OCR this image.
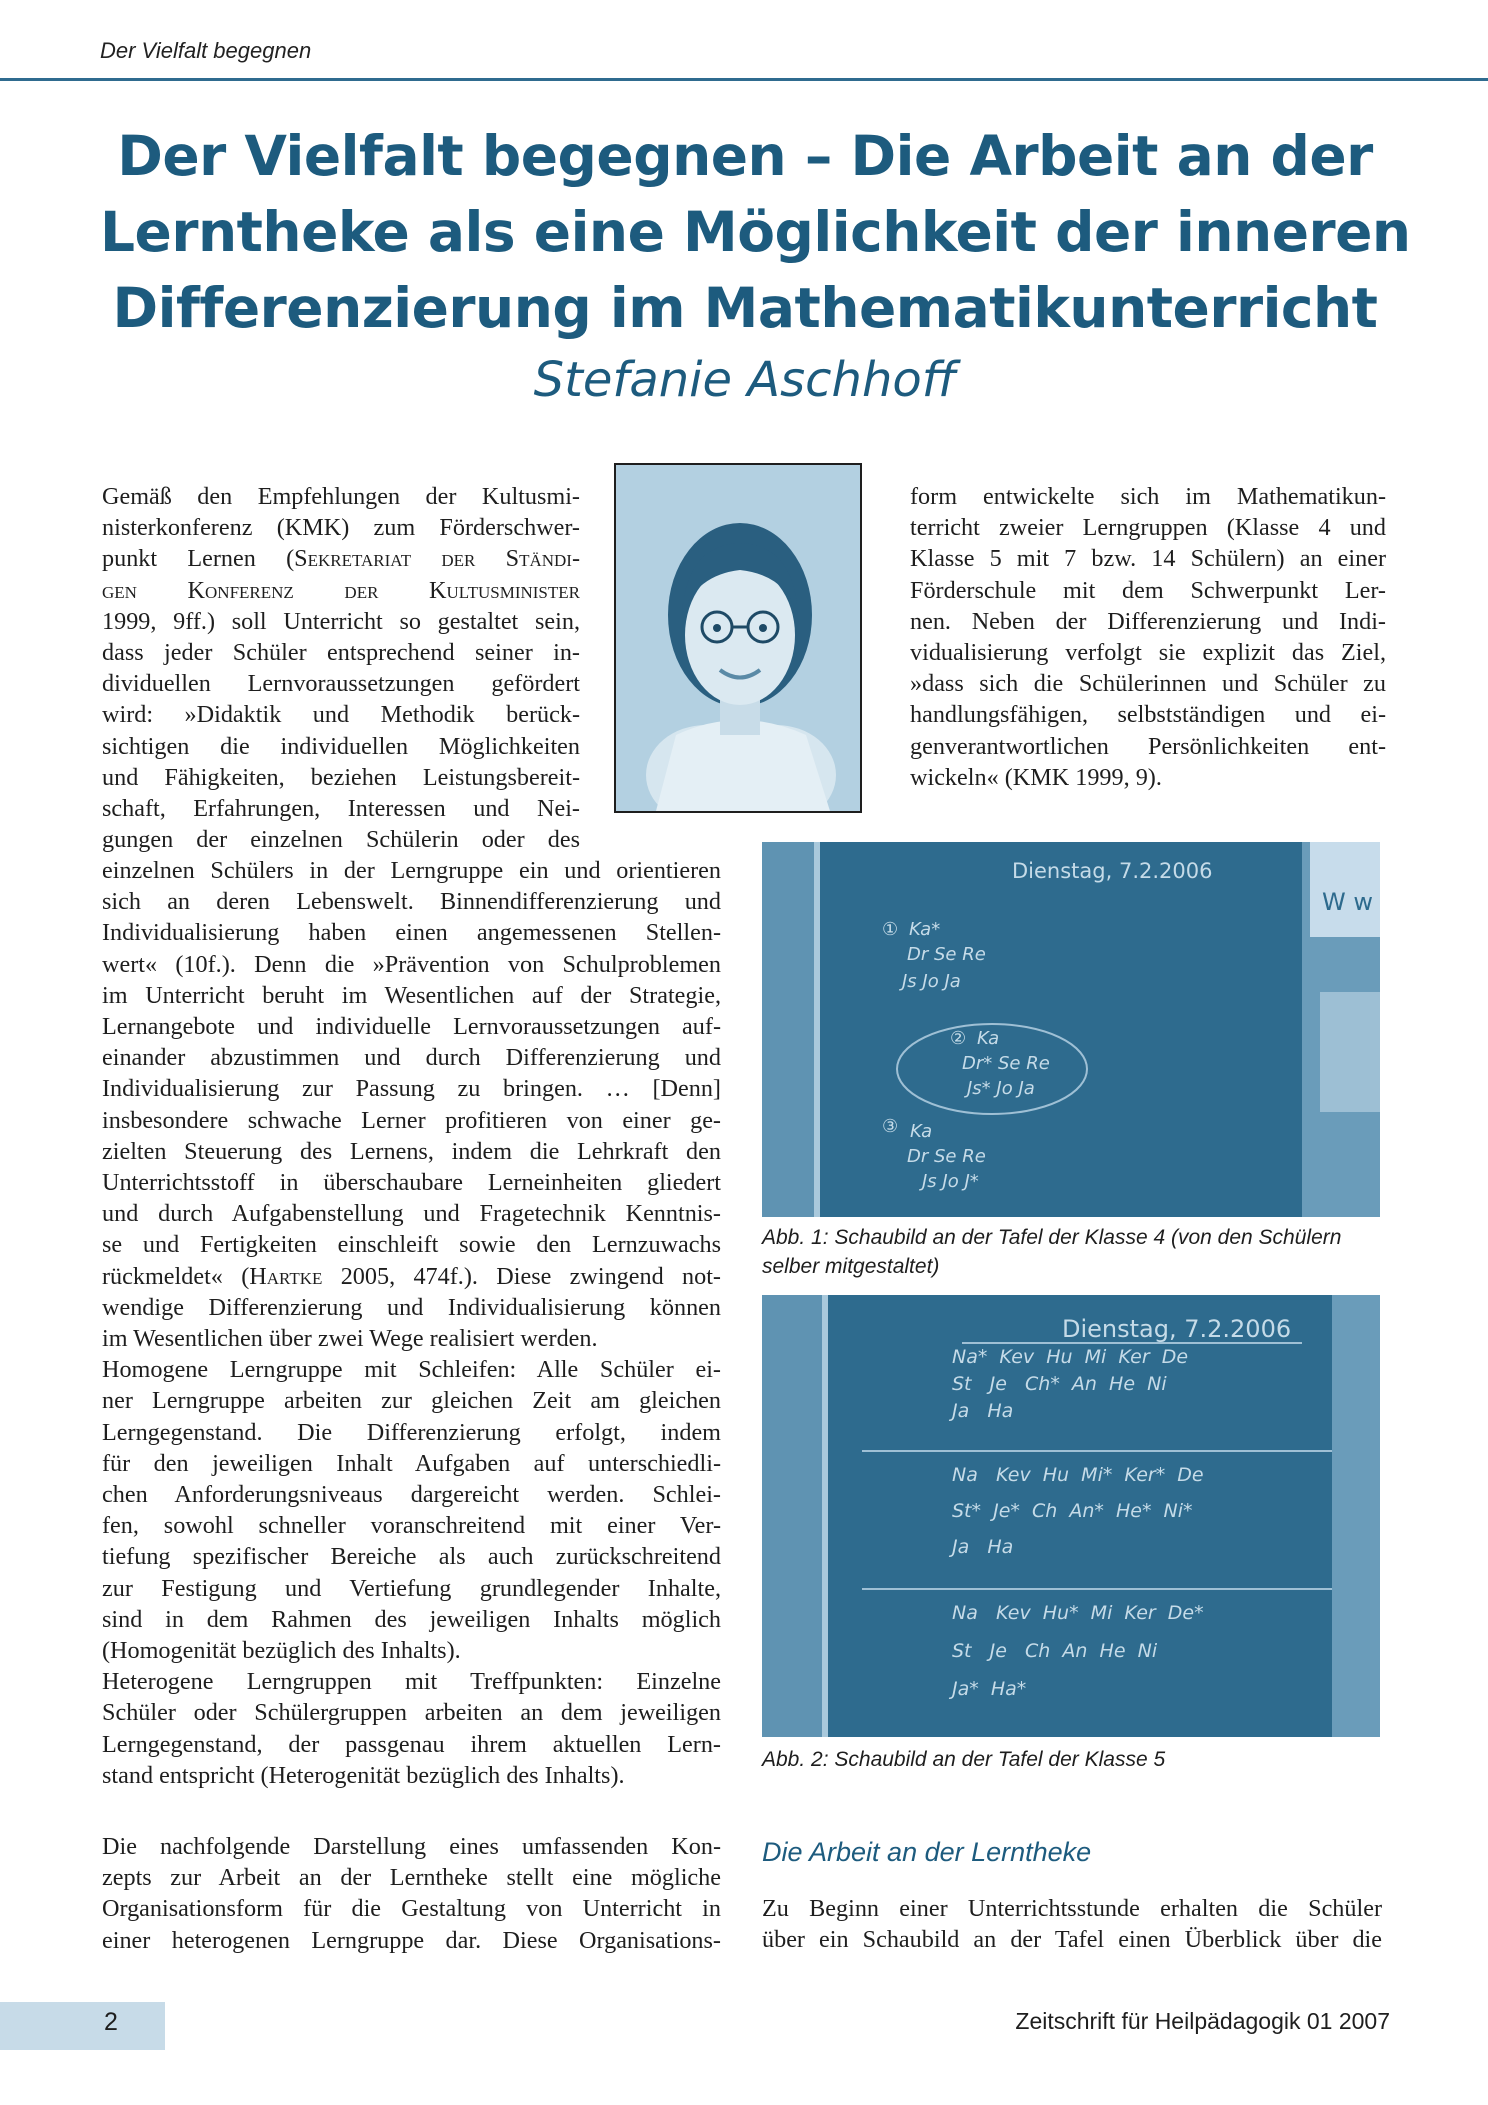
Der Vielfalt begegnen
Der Vielfalt begegnen – Die Arbeit an der
Lerntheke als eine Möglichkeit der inneren
Differenzierung im Mathematikunterricht
Stefanie Aschhoff
Gemäß den Empfehlungen der Kultusmi-
nisterkonferenz (KMK) zum Förderschwer-
punkt Lernen (Sekretariat der Ständi-
gen Konferenz der Kultusminister
1999, 9ff.) soll Unterricht so gestaltet sein,
dass jeder Schüler entsprechend seiner in-
dividuellen Lernvoraussetzungen gefördert
wird: »Didaktik und Methodik berück-
sichtigen die individuellen Möglichkeiten
und Fähigkeiten, beziehen Leistungsbereit-
schaft, Erfahrungen, Interessen und Nei-
gungen der einzelnen Schülerin oder des
form entwickelte sich im Mathematikun-
terricht zweier Lerngruppen (Klasse 4 und
Klasse 5 mit 7 bzw. 14 Schülern) an einer
Förderschule mit dem Schwerpunkt Ler-
nen. Neben der Differenzierung und Indi-
vidualisierung verfolgt sie explizit das Ziel,
»dass sich die Schülerinnen und Schüler zu
handlungsfähigen, selbstständigen und ei-
genverantwortlichen Persönlichkeiten ent-
wickeln« (KMK 1999, 9).
einzelnen Schülers in der Lerngruppe ein und orientieren
sich an deren Lebenswelt. Binnendifferenzierung und
Individualisierung haben einen angemessenen Stellen-
wert« (10f.). Denn die »Prävention von Schulproblemen
im Unterricht beruht im Wesentlichen auf der Strategie,
Lernangebote und individuelle Lernvoraussetzungen auf-
einander abzustimmen und durch Differenzierung und
Individualisierung zur Passung zu bringen. … [Denn]
insbesondere schwache Lerner profitieren von einer ge-
zielten Steuerung des Lernens, indem die Lehrkraft den
Unterrichtsstoff in überschaubare Lerneinheiten gliedert
und durch Aufgabenstellung und Fragetechnik Kenntnis-
se und Fertigkeiten einschleift sowie den Lernzuwachs
rückmeldet« (Hartke 2005, 474f.). Diese zwingend not-
wendige Differenzierung und Individualisierung können
im Wesentlichen über zwei Wege realisiert werden.
Homogene Lerngruppe mit Schleifen: Alle Schüler ei-
ner Lerngruppe arbeiten zur gleichen Zeit am gleichen
Lerngegenstand. Die Differenzierung erfolgt, indem
für den jeweiligen Inhalt Aufgaben auf unterschiedli-
chen Anforderungsniveaus dargereicht werden. Schlei-
fen, sowohl schneller voranschreitend mit einer Ver-
tiefung spezifischer Bereiche als auch zurückschreitend
zur Festigung und Vertiefung grundlegender Inhalte,
sind in dem Rahmen des jeweiligen Inhalts möglich
(Homogenität bezüglich des Inhalts).
Heterogene Lerngruppen mit Treffpunkten: Einzelne
Schüler oder Schülergruppen arbeiten an dem jeweiligen
Lerngegenstand, der passgenau ihrem aktuellen Lern-
stand entspricht (Heterogenität bezüglich des Inhalts).
Die nachfolgende Darstellung eines umfassenden Kon-
zepts zur Arbeit an der Lerntheke stellt eine mögliche
Organisationsform für die Gestaltung von Unterricht in
einer heterogenen Lerngruppe dar. Diese Organisations-
W w
Dienstag, 7.2.2006
① Ka*
Dr Se Re
Js Jo Ja
② Ka
Dr* Se Re
Js* Jo Ja
③ Ka
Dr Se Re
Js Jo J*
Abb. 1: Schaubild an der Tafel der Klasse 4 (von den Schülern
selber mitgestaltet)
Dienstag, 7.2.2006
Na*  Kev  Hu  Mi  Ker  De
St   Je   Ch*  An  He  Ni
Ja   Ha
Na   Kev  Hu  Mi*  Ker*  De
St*  Je*  Ch  An*  He*  Ni*
Ja   Ha
Na   Kev  Hu*  Mi  Ker  De*
St   Je   Ch  An  He  Ni
Ja*  Ha*
Abb. 2: Schaubild an der Tafel der Klasse 5
Die Arbeit an der Lerntheke
Zu Beginn einer Unterrichtsstunde erhalten die Schüler
über ein Schaubild an der Tafel einen Überblick über die
2	Zeitschrift für Heilpädagogik 01 2007
